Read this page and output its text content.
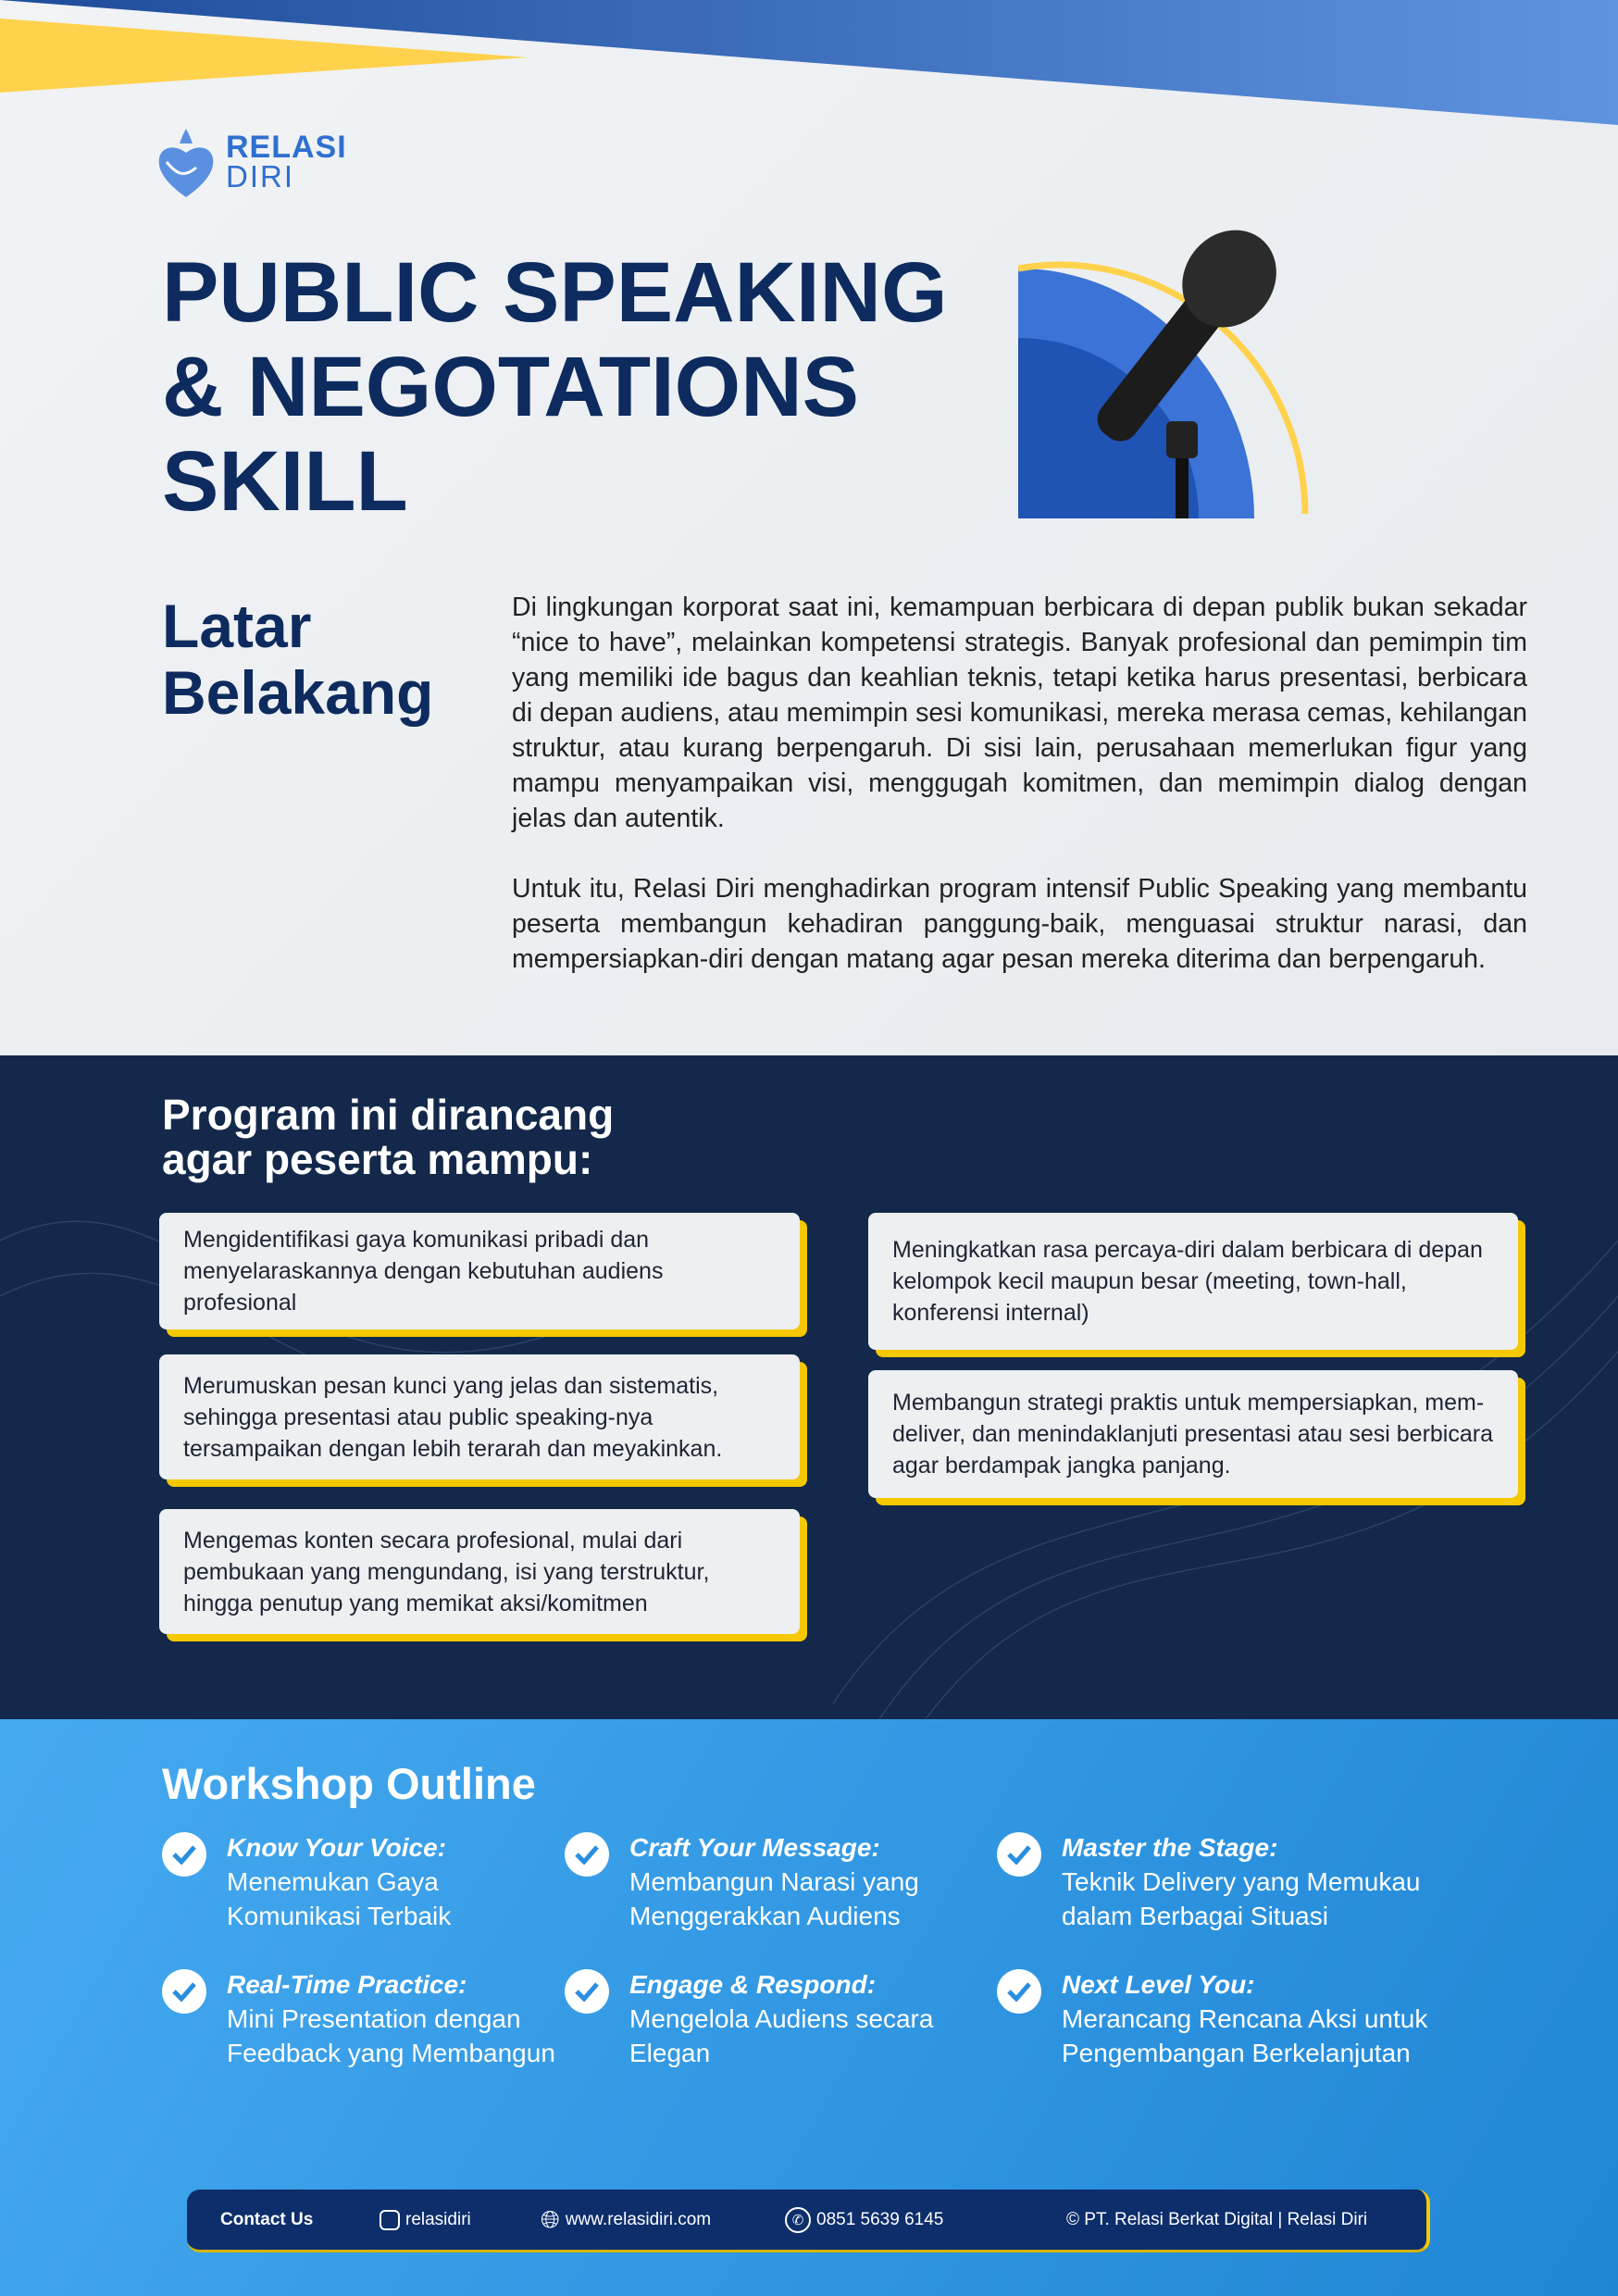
RELASI
DIRI
PUBLIC SPEAKING
& NEGOTATIONS
SKILL
Latar
Belakang

Di lingkungan korporat saat ini, kemampuan berbicara di depan publik bukan sekadar “nice to have”, melainkan kompetensi strategis. Banyak profesional dan pemimpin tim yang memiliki ide bagus dan keahlian teknis, tetapi ketika harus presentasi, berbicara di depan audiens, atau memimpin sesi komunikasi, mereka merasa cemas, kehilangan struktur, atau kurang berpengaruh. Di sisi lain, perusahaan memerlukan figur yang mampu menyampaikan visi, menggugah komitmen, dan memimpin dialog dengan jelas dan autentik.

Untuk itu, Relasi Diri menghadirkan program intensif Public Speaking yang membantu peserta membangun kehadiran panggung-baik, menguasai struktur narasi, dan mempersiapkan-diri dengan matang agar pesan mereka diterima dan berpengaruh.

Program ini dirancang
agar peserta mampu:
Mengidentifikasi gaya komunikasi pribadi dan menyelaraskannya dengan kebutuhan audiens profesional
Merumuskan pesan kunci yang jelas dan sistematis, sehingga presentasi atau public speaking-nya tersampaikan dengan lebih terarah dan meyakinkan.
Mengemas konten secara profesional, mulai dari pembukaan yang mengundang, isi yang terstruktur, hingga penutup yang memikat aksi/komitmen
Meningkatkan rasa percaya-diri dalam berbicara di depan kelompok kecil maupun besar (meeting, town-hall, konferensi internal)
Membangun strategi praktis untuk mempersiapkan, mem-deliver, dan menindaklanjuti presentasi atau sesi berbicara agar berdampak jangka panjang.
Workshop Outline
Know Your Voice:
Menemukan Gaya Komunikasi Terbaik
Craft Your Message:
Membangun Narasi yang Menggerakkan Audiens
Master the Stage:
Teknik Delivery yang Memukau dalam Berbagai Situasi
Real-Time Practice:
Mini Presentation dengan Feedback yang Membangun
Engage & Respond:
Mengelola Audiens secara Elegan
Next Level You:
Merancang Rencana Aksi untuk Pengembangan Berkelanjutan
Contact Us	relasidiri	🌐︎ www.relasidiri.com	✆ 0851 5639 6145	© PT. Relasi Berkat Digital | Relasi Diri
